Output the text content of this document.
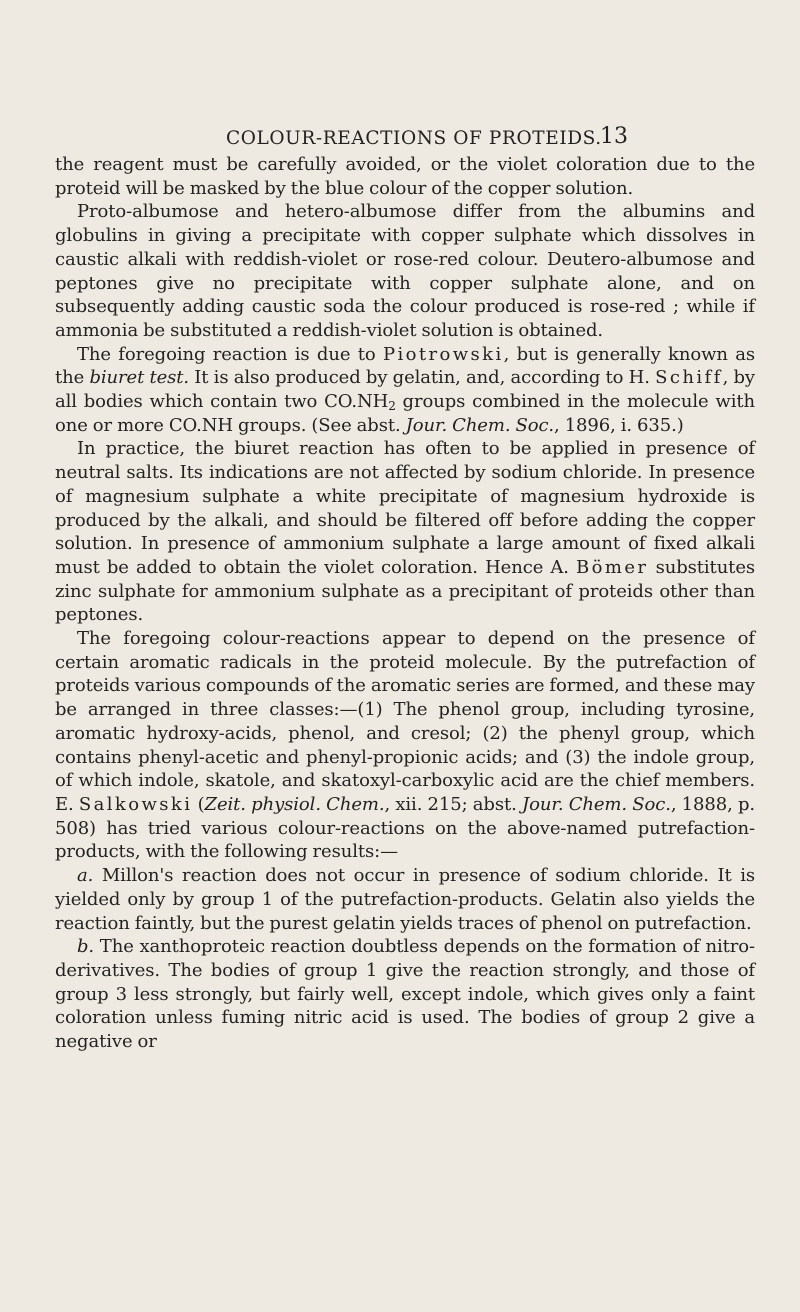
COLOUR-REACTIONS OF PROTEIDS.
13

the reagent must be carefully avoided, or the violet coloration due to the proteid will be masked by the blue colour of the copper solution.

Proto-albumose and hetero-albumose differ from the albumins and globulins in giving a precipitate with copper sulphate which dissolves in caustic alkali with reddish-violet or rose-red colour. Deutero-albumose and peptones give no precipitate with copper sulphate alone, and on subsequently adding caustic soda the colour produced is rose-red ; while if ammonia be substituted a reddish-violet solution is obtained.

The foregoing reaction is due to Piotrowski, but is generally known as the biuret test. It is also produced by gelatin, and, according to H. Schiff, by all bodies which contain two $CO.NH_2$ groups combined in the molecule with one or more CO.NH groups. (See abst. Jour. Chem. Soc., 1896, i. 635.)

In practice, the biuret reaction has often to be applied in presence of neutral salts. Its indications are not affected by sodium chloride. In presence of magnesium sulphate a white precipitate of magnesium hydroxide is produced by the alkali, and should be filtered off before adding the copper solution. In presence of ammonium sulphate a large amount of fixed alkali must be added to obtain the violet coloration. Hence A. Bömer substitutes zinc sulphate for ammonium sulphate as a precipitant of proteids other than peptones.

The foregoing colour-reactions appear to depend on the presence of certain aromatic radicals in the proteid molecule. By the putrefaction of proteids various compounds of the aromatic series are formed, and these may be arranged in three classes:—(1) The phenol group, including tyrosine, aromatic hydroxy-acids, phenol, and cresol; (2) the phenyl group, which contains phenyl-acetic and phenyl-propionic acids; and (3) the indole group, of which indole, skatole, and skatoxyl-carboxylic acid are the chief members. E. Salkowski (Zeit. physiol. Chem., xii. 215; abst. Jour. Chem. Soc., 1888, p. 508) has tried various colour-reactions on the above-named putrefaction-products, with the following results:—

a. Millon's reaction does not occur in presence of sodium chloride. It is yielded only by group 1 of the putrefaction-products. Gelatin also yields the reaction faintly, but the purest gelatin yields traces of phenol on putrefaction.

b. The xanthoproteic reaction doubtless depends on the formation of nitro-derivatives. The bodies of group 1 give the reaction strongly, and those of group 3 less strongly, but fairly well, except indole, which gives only a faint coloration unless fuming nitric acid is used. The bodies of group 2 give a negative or
